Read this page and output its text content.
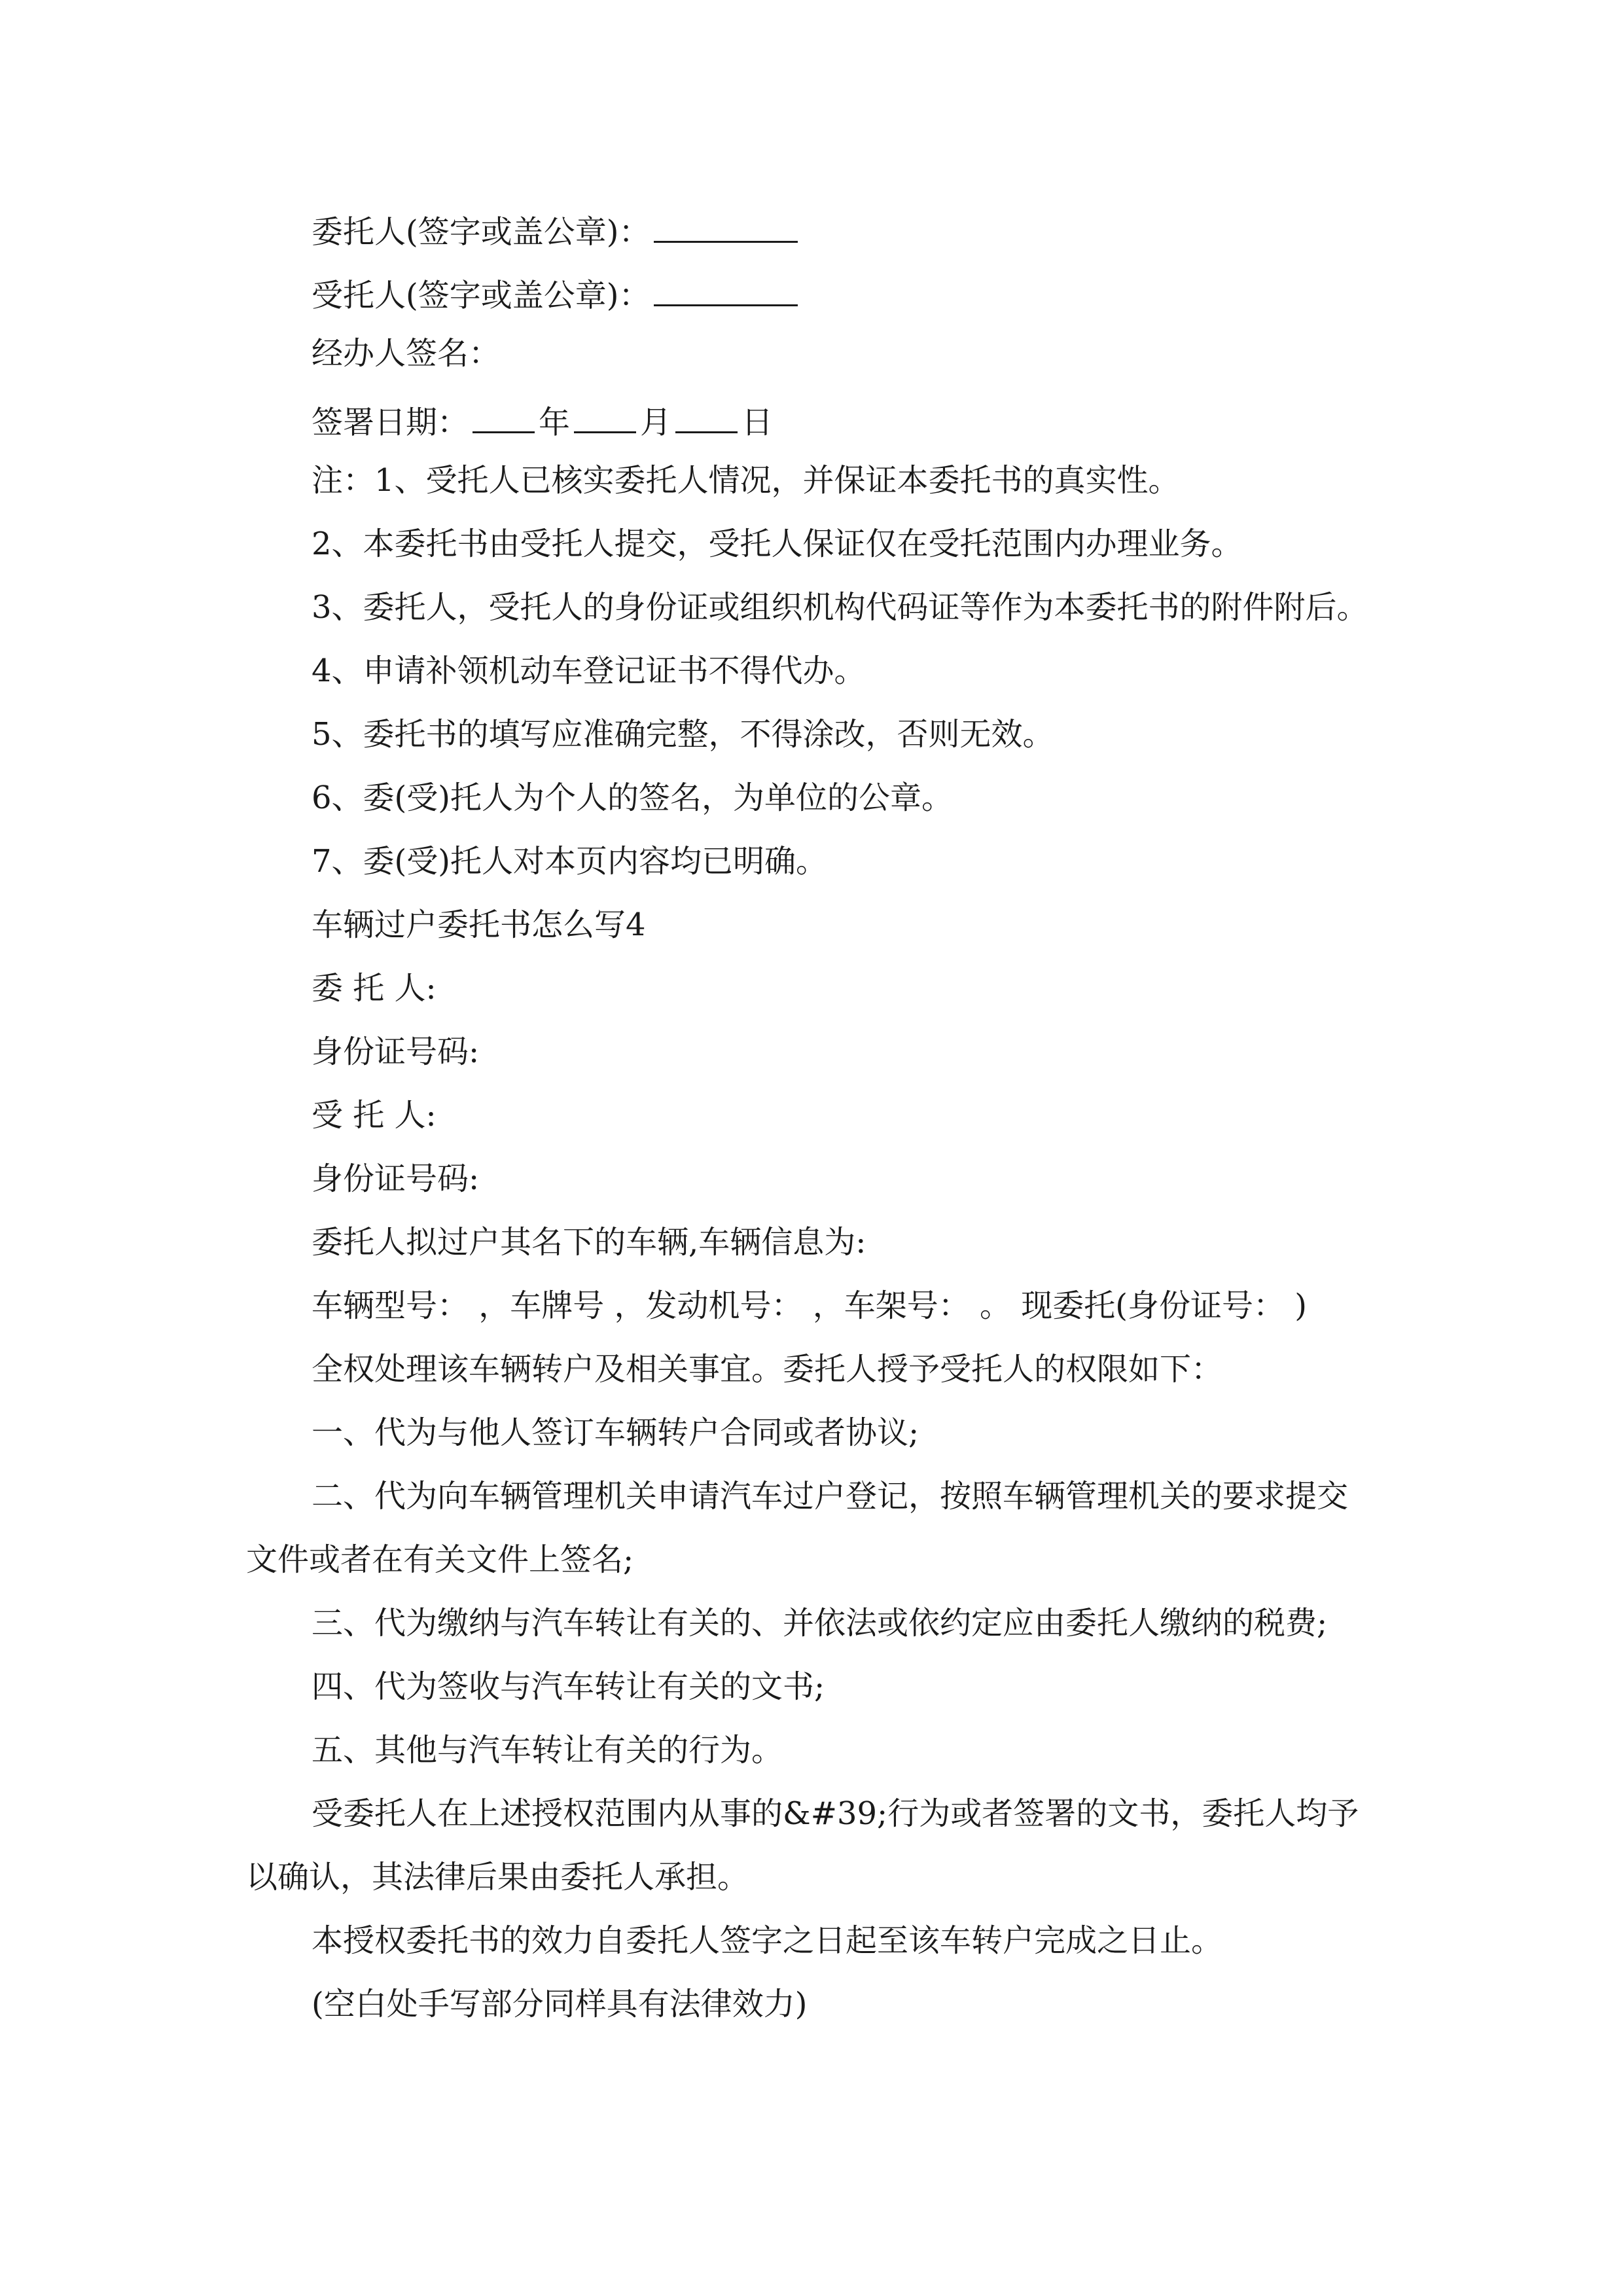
委托人(签字或盖公章)：
受托人(签字或盖公章)：
经办人签名：
签署日期： 年 月 日
注：1、受托人已核实委托人情况，并保证本委托书的真实性。
2、本委托书由受托人提交，受托人保证仅在受托范围内办理业务。
3、委托人，受托人的身份证或组织机构代码证等作为本委托书的附件附后。
4、申请补领机动车登记证书不得代办。
5、委托书的填写应准确完整，不得涂改，否则无效。
6、委(受)托人为个人的签名，为单位的公章。
7、委(受)托人对本页内容均已明确。
车辆过户委托书怎么写4
委 托 人:
身份证号码:
受 托 人:
身份证号码:
委托人拟过户其名下的车辆,车辆信息为:
车辆型号： ，车牌号 ，发动机号： ，车架号： 。 现委托(身份证号： )
全权处理该车辆转户及相关事宜。委托人授予受托人的权限如下：
一、代为与他人签订车辆转户合同或者协议;
二、代为向车辆管理机关申请汽车过户登记，按照车辆管理机关的要求提交
文件或者在有关文件上签名;
三、代为缴纳与汽车转让有关的、并依法或依约定应由委托人缴纳的税费;
四、代为签收与汽车转让有关的文书;
五、其他与汽车转让有关的行为。
受委托人在上述授权范围内从事的&#39;行为或者签署的文书，委托人均予
以确认，其法律后果由委托人承担。
本授权委托书的效力自委托人签字之日起至该车转户完成之日止。
(空白处手写部分同样具有法律效力)
